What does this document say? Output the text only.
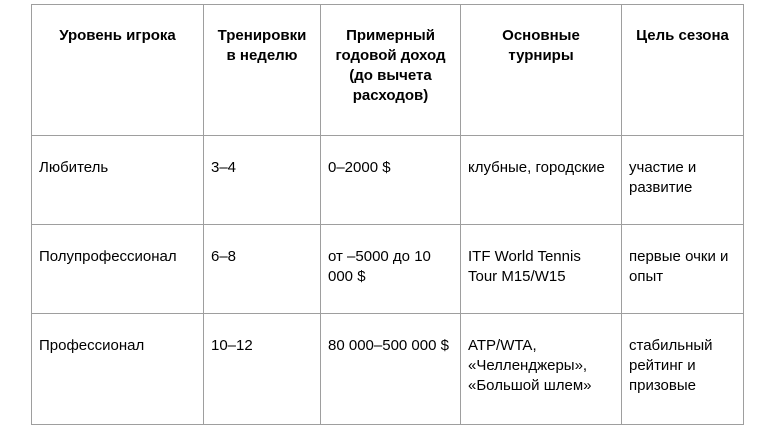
Уровень игрока	Тренировки в неделю	Примерный годовой доход (до вычета расходов)	Основные турниры	Цель сезона
Любитель	3–4	0–2000 $	клубные, городские	участие и развитие
Полупрофессионал	6–8	от –5000 до 10 000 $	ITF World Tennis Tour M15/W15	первые очки и опыт
Профессионал	10–12	80 000–500 000 $	ATP/WTA, «Челленджеры», «Большой шлем»	стабильный рейтинг и призовые
